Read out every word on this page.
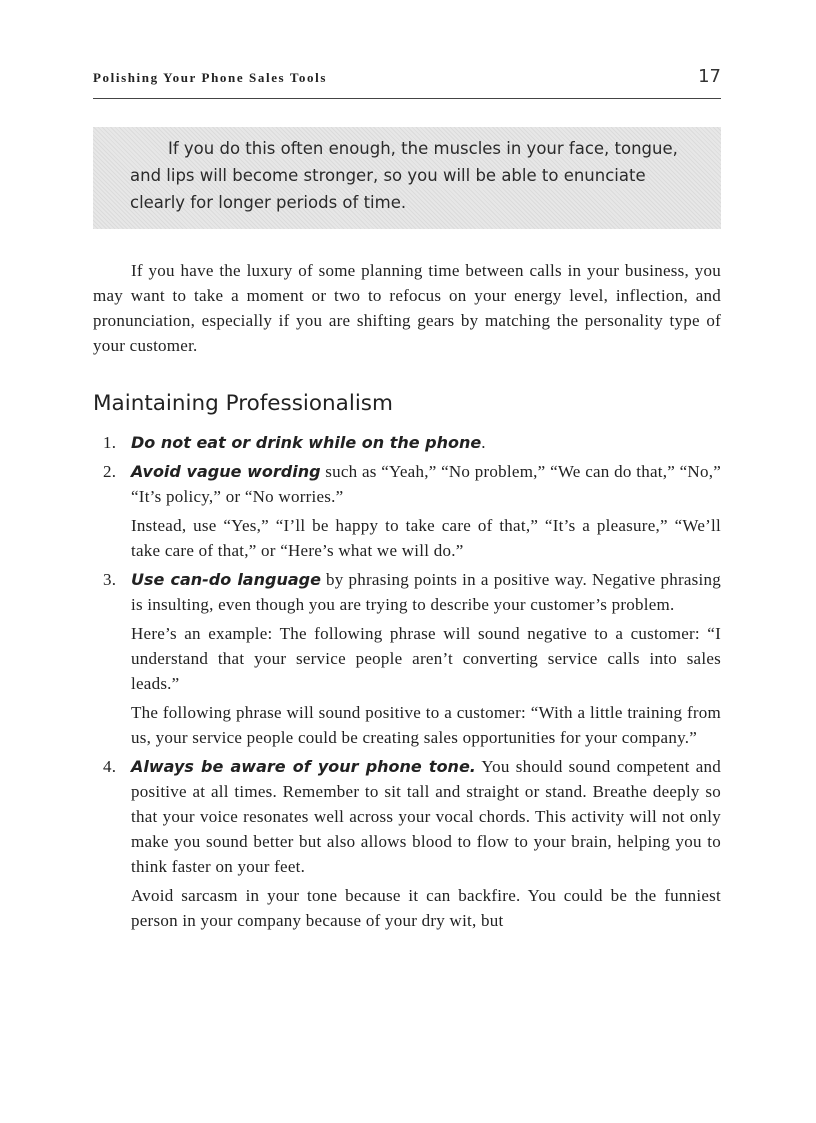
Polishing Your Phone Sales Tools	17

If you do this often enough, the muscles in your face, tongue, and lips will become stronger, so you will be able to enunciate clearly for longer periods of time.

If you have the luxury of some planning time between calls in your business, you may want to take a moment or two to refocus on your energy level, inflection, and pronunciation, especially if you are shifting gears by matching the personality type of your customer.

Maintaining Professionalism
1. Do not eat or drink while on the phone.

2. Avoid vague wording such as “Yeah,” “No problem,” “We can do that,” “No,” “It’s policy,” or “No worries.”

Instead, use “Yes,” “I’ll be happy to take care of that,” “It’s a pleasure,” “We’ll take care of that,” or “Here’s what we will do.”

3. Use can-do language by phrasing points in a positive way. Negative phrasing is insulting, even though you are trying to describe your customer’s problem.

Here’s an example: The following phrase will sound negative to a customer: “I understand that your service people aren’t converting service calls into sales leads.”

The following phrase will sound positive to a customer: “With a little training from us, your service people could be creating sales opportunities for your company.”

4. Always be aware of your phone tone. You should sound competent and positive at all times. Remember to sit tall and straight or stand. Breathe deeply so that your voice resonates well across your vocal chords. This activity will not only make you sound better but also allows blood to flow to your brain, helping you to think faster on your feet.

Avoid sarcasm in your tone because it can backfire. You could be the funniest person in your company because of your dry wit, but
